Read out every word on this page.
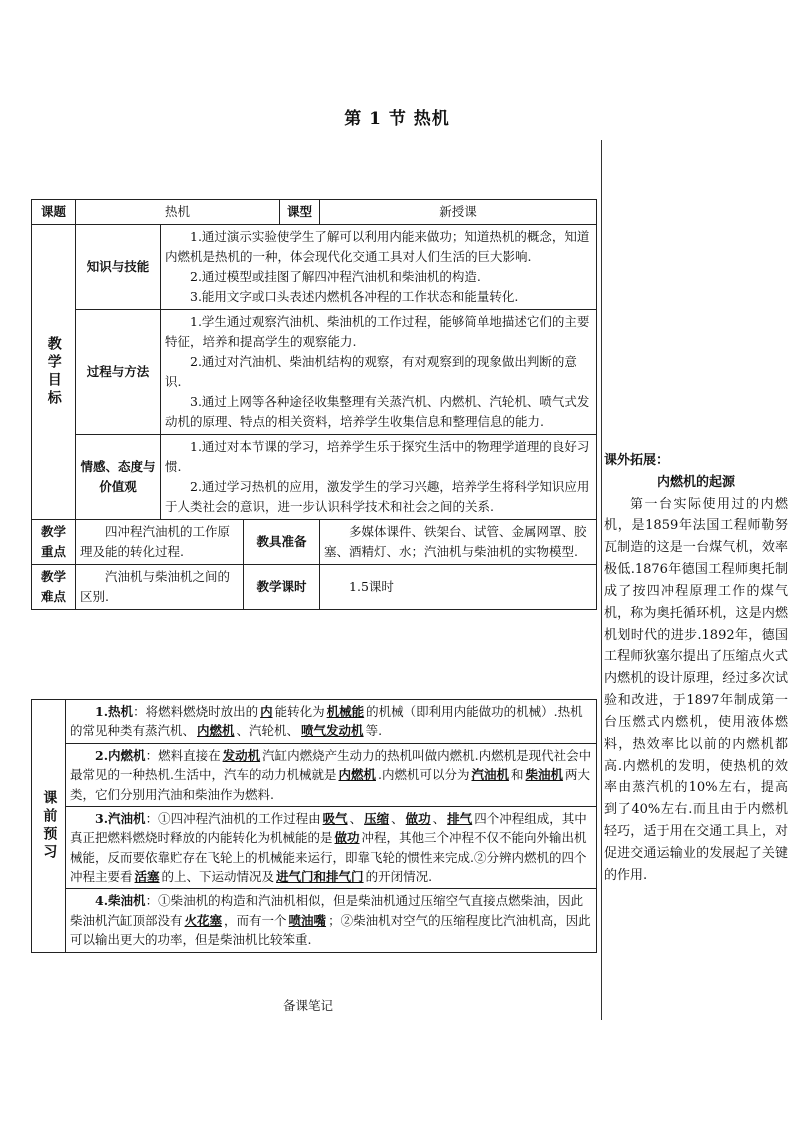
第 1 节 热机
课题	热机			课型	新授课

教学目标	知识与技能	1.通过演示实验使学生了解可以利用内能来做功；知道热机的概念，知道内燃机是热机的一种，体会现代化交通工具对人们生活的巨大影响.

2.通过模型或挂图了解四冲程汽油机和柴油机的构造.

3.能用文字或口头表述内燃机各冲程的工作状态和能量转化.			

	过程与方法	1.学生通过观察汽油机、柴油机的工作过程，能够简单地描述它们的主要特征，培养和提高学生的观察能力.

2.通过对汽油机、柴油机结构的观察，有对观察到的现象做出判断的意识.

3.通过上网等各种途径收集整理有关蒸汽机、内燃机、汽轮机、喷气式发动机的原理、特点的相关资料，培养学生收集信息和整理信息的能力.			

	情感、态度与价值观	1.通过对本节课的学习，培养学生乐于探究生活中的物理学道理的良好习惯.

2.通过学习热机的应用，激发学生的学习兴趣，培养学生将科学知识应用于人类社会的意识，进一步认识科学技术和社会之间的关系.			

教学重点	四冲程汽油机的工作原理及能的转化过程.		教具准备		多媒体课件、铁架台、试管、金属网罩、胶塞、酒精灯、水；汽油机与柴油机的实物模型.
教学难点	汽油机与柴油机之间的区别.		教学课时		1.5课时
课前预习
	1.热机：将燃料燃烧时放出的 内 能转化为 机械能 的机械（即利用内能做功的机械）.热机的常见种类有蒸汽机、 内燃机 、汽轮机、 喷气发动机 等.
2.内燃机：燃料直接在 发动机 汽缸内燃烧产生动力的热机叫做内燃机.内燃机是现代社会中最常见的一种热机.生活中，汽车的动力机械就是 内燃机 .内燃机可以分为 汽油机 和 柴油机 两大类，它们分别用汽油和柴油作为燃料.
3.汽油机：①四冲程汽油机的工作过程由 吸气 、 压缩 、 做功 、 排气 四个冲程组成，其中真正把燃料燃烧时释放的内能转化为机械能的是 做功 冲程，其他三个冲程不仅不能向外输出机械能，反而要依靠贮存在飞轮上的机械能来运行，即靠飞轮的惯性来完成.②分辨内燃机的四个冲程主要看 活塞 的上、下运动情况及 进气门和排气门 的开闭情况.
4.柴油机：①柴油机的构造和汽油机相似，但是柴油机通过压缩空气直接点燃柴油，因此柴油机汽缸顶部没有 火花塞 ，而有一个 喷油嘴 ；②柴油机对空气的压缩程度比汽油机高，因此可以输出更大的功率，但是柴油机比较笨重.
课外拓展：
内燃机的起源
第一台实际使用过的内燃机，是1859年法国工程师勒努瓦制造的这是一台煤气机，效率极低.1876年德国工程师奥托制成了按四冲程原理工作的煤气机，称为奥托循环机，这是内燃机划时代的进步.1892年，德国工程师狄塞尔提出了压缩点火式内燃机的设计原理，经过多次试验和改进，于1897年制成第一台压燃式内燃机，使用液体燃料，热效率比以前的内燃机都高.内燃机的发明，使热机的效率由蒸汽机的10%左右，提高到了40%左右.而且由于内燃机轻巧，适于用在交通工具上，对促进交通运输业的发展起了关键的作用.
备课笔记
